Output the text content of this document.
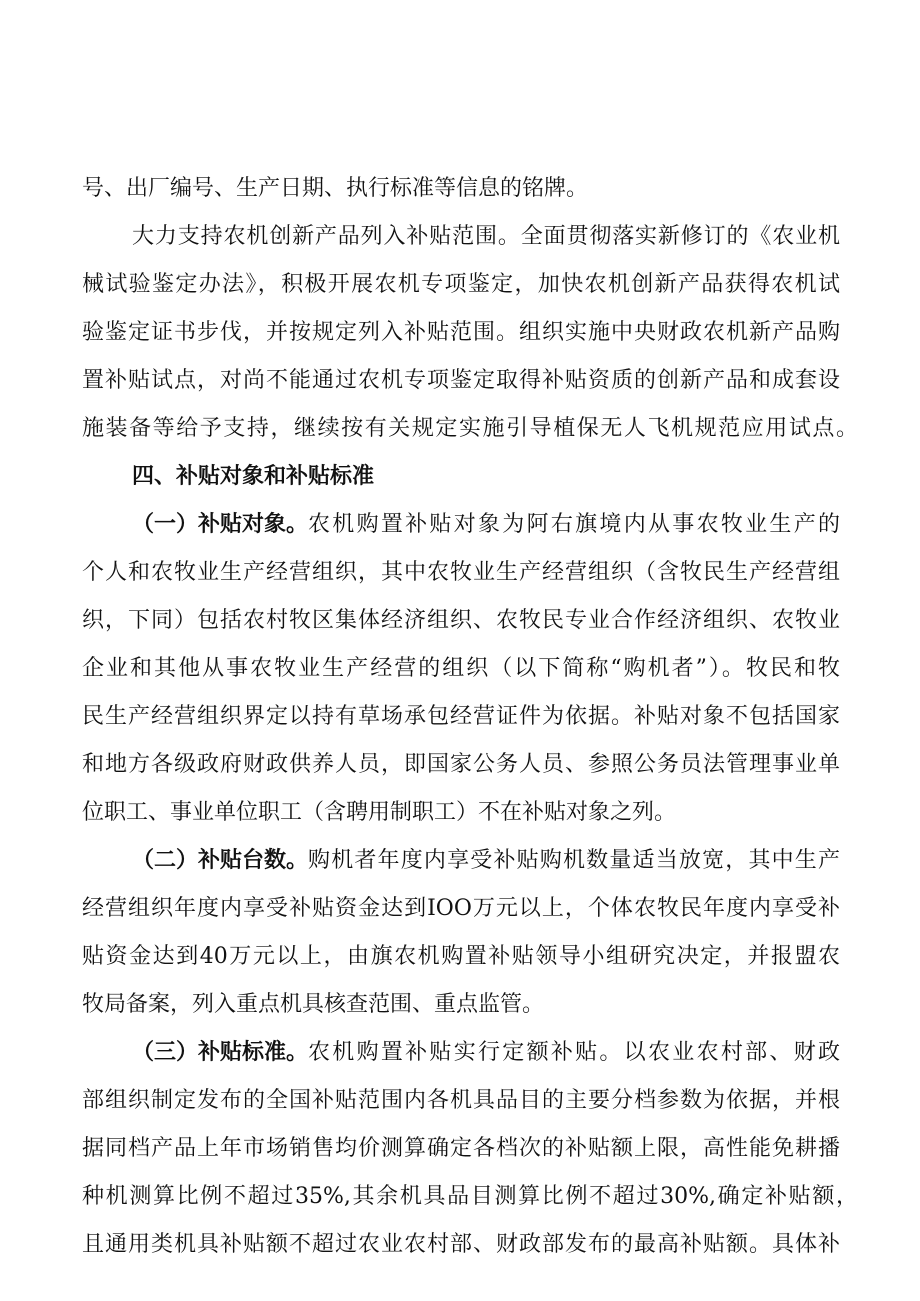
号、出厂编号、生产日期、执行标准等信息的铭牌。
大力支持农机创新产品列入补贴范围。全面贯彻落实新修订的《农业机
械试验鉴定办法》，积极开展农机专项鉴定，加快农机创新产品获得农机试
验鉴定证书步伐，并按规定列入补贴范围。组织实施中央财政农机新产品购
置补贴试点，对尚不能通过农机专项鉴定取得补贴资质的创新产品和成套设
施装备等给予支持，继续按有关规定实施引导植保无人飞机规范应用试点。
四、补贴对象和补贴标准
（一）补贴对象。 农机购置补贴对象为阿右旗境内从事农牧业生产的
个人和农牧业生产经营组织，其中农牧业生产经营组织（含牧民生产经营组
织，下同）包括农村牧区集体经济组织、农牧民专业合作经济组织、农牧业
企业和其他从事农牧业生产经营的组织（以下简称“购机者”）。牧民和牧
民生产经营组织界定以持有草场承包经营证件为依据。补贴对象不包括国家
和地方各级政府财政供养人员，即国家公务人员、参照公务员法管理事业单
位职工、事业单位职工（含聘用制职工）不在补贴对象之列。
（二）补贴台数。 购机者年度内享受补贴购机数量适当放宽，其中生产
经营组织年度内享受补贴资金达到IOO万元以上，个体农牧民年度内享受补
贴资金达到40万元以上，由旗农机购置补贴领导小组研究决定，并报盟农
牧局备案，列入重点机具核查范围、重点监管。
（三）补贴标准。 农机购置补贴实行定额补贴。以农业农村部、财政
部组织制定发布的全国补贴范围内各机具品目的主要分档参数为依据，并根
据同档产品上年市场销售均价测算确定各档次的补贴额上限，高性能免耕播
种机测算比例不超过35%,其余机具品目测算比例不超过30%,确定补贴额，
且通用类机具补贴额不超过农业农村部、财政部发布的最高补贴额。具体补
